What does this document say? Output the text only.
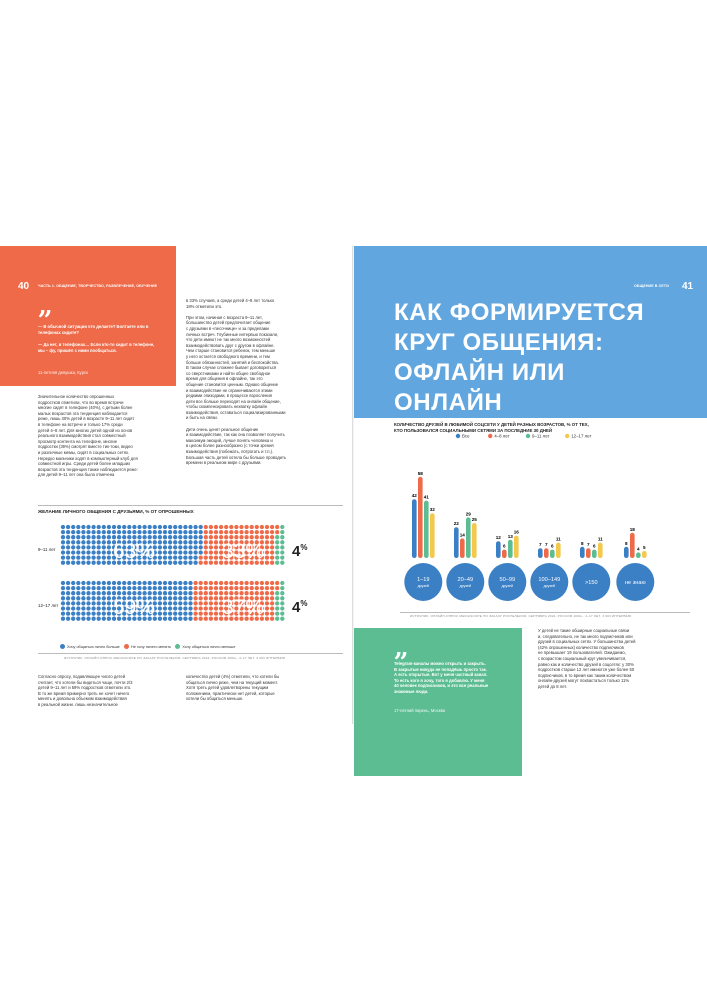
40 ЧАСТЬ 1. ОБЩЕНИЕ, ТВОРЧЕСТВО, РАЗВЛЕЧЕНИЕ, ОБУЧЕНИЕ
„
— В обычной ситуации что делаете? Болтаете или в телефонах сидите?
— Да нет, в телефонах… Если кто-то сидит в телефоне, мы – фу, пришёл с ними пообщаться.
11-летняя девушка, Курск
Значительное количество опрошенных
подростков отметили, что во время встречи
многие сидят в телефоне (40%), с детьми более
малых возрастов эта тенденция наблюдается
реже, лишь 30% детей в возрасте 9–11 лет сидят
в телефоне на встрече и только 17% среди
детей 4–8 лет. Для многих детей одной из основ
реального взаимодействия стал совместный
просмотр контента на телефоне, многие
подростки (39%) смотрят вместе тик-токи, видео
и различные мемы, сидят в социальных сетях.
Нередко мальчики ходят в компьютерный клуб для
совместной игры. Среди детей более младших
возрастов эта тенденция также наблюдается реже:
для детей 9–11 лет она была отмечена
в 33% случаев, а среди детей 4–8 лет только
18% отметили это.

При этом, начиная с возраста 9–11 лет,
большинство детей предпочитает общение
с друзьями в «песочнице» и за пределами
личных встреч. Глубинные интервью показали,
что дети имеют не так много возможностей
взаимодействовать друг с другом в офлайне.
Чем старше становится ребенок, тем меньше
у него остается свободного времени, и тем
больше обязанностей, занятий и беспокойства.
В таком случае сложнее бывает договориться
со сверстниками и найти общее свободное
время для общения в офлайне, так это
общение становится ценным. Однако общение
и взаимодействие не ограничиваются этими
редкими эпизодами, в процессе взросления
дети все больше переходят на онлайн общение,
чтобы скомпенсировать нехватку офлайн
взаимодействия, оставаться социализированными
и быть на связи.

Дети очень ценят реальное общение
и взаимодействие, так как она позволяет получить
максимум эмоций, лучше понять человека и
в целом более разнообразно (с точки зрения
взаимодействия (побежать, потрогать и т.п.).
Большая часть детей хотела бы больше проводить
времени в реальном мире с друзьями.
ЖЕЛАНИЕ ЛИЧНОГО ОБЩЕНИЯ С ДРУЗЬЯМИ, % ОТ ОПРОШЕННЫХ
9–11 лет
12–17 лет
63%	33% 4%
59%	37% 4%
Хочу общаться лично больше	Не хочу ничего менять	Хочу общаться лично меньше
ИСТОЧНИК: ОНЛАЙН-ОПРОС MEDIASCOPE ПО ЗАКАЗУ РОСТЕЛЕКОМ. СЕНТЯБРЬ 2024. РОССИЯ 100К+. 4–17 ЛЕТ. 3 003 ИНТЕРВЬЮ
Согласно опросу, подавляющее число детей
считает, что хотели бы видеться чаще, почти 2/3
детей 9–11 лет и 59% подростков отметили это.
В то же время примерно треть не хочет ничего
менять и довольна объемом взаимодействия
в реальной жизни. лишь незначительное
количество детей (4%) отметили, что хотели бы
общаться лично реже, чем на текущий момент.
Хотя треть детей удовлетворены текущим
положением, практически нет детей, которые
хотели бы общаться меньше.
ОБЩЕНИЕ В СЕТИ 41
КАК ФОРМИРУЕТСЯ
КРУГ ОБЩЕНИЯ:
ОФЛАЙН ИЛИ
ОНЛАЙН
КОЛИЧЕСТВО ДРУЗЕЙ В ЛЮБИМОЙ СОЦСЕТИ У ДЕТЕЙ РАЗНЫХ ВОЗРАСТОВ, % ОТ ТЕХ,
КТО ПОЛЬЗОВАЛСЯ СОЦИАЛЬНЫМИ СЕТЯМИ ЗА ПОСЛЕДНИЕ 30 ДНЕЙ
Все	4–8 лет	9–11 лет	12–17 лет
42
58
41
32
1–19
друзей
22
14
29
25
20–49
друзей
12
6
13
16
50–99
друзей
7 7 6
11
100–149
друзей
8 7 6
11
>150
8
18
4 5
не знаю
ИСТОЧНИК: ОНЛАЙН-ОПРОС MEDIASCOPE ПО ЗАКАЗУ РОСТЕЛЕКОМ. СЕНТЯБРЬ 2024. РОССИЯ 100К+. 4–17 ЛЕТ. 3 003 ИНТЕРВЬЮ
„
Telegram-каналы можно открыть и закрыть.
В закрытые никуда не попадёшь просто так.
А есть открытые. Вот у меня частный канал.
То есть кого я хочу, того я добавлю. У меня
40 человек подписчиков, и это все реальные
знакомые люди.
17-летний парень, Москва
У детей не такие обширные социальные связи
и, следовательно, не так много подписчиков или
друзей в социальных сетях. У большинства детей
(42% опрошенных) количество подписчиков
не превышает 19 пользователей. Ожидаемо,
с возрастом социальный круг увеличивается,
равно как и количество друзей в соцсетях: у 30%
подростков старше 12 лет имеются уже более 50
подписчиков, в то время как таким количеством
онлайн-друзей могут похвастаться только 11%
детей до 8 лет.
